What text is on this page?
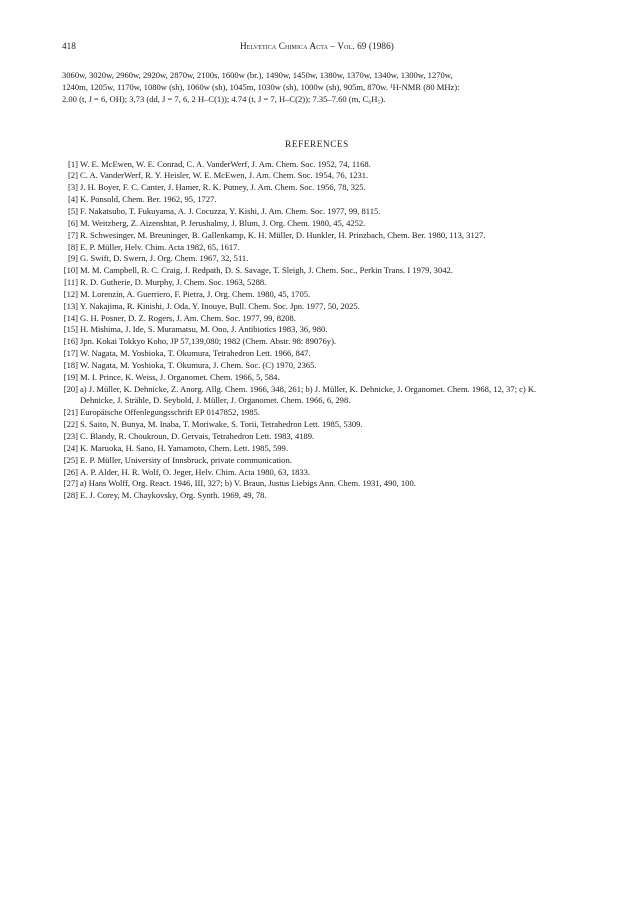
418	Helvetica Chimica Acta – Vol. 69 (1986)
3060w, 3020w, 2960w, 2920w, 2870w, 2100s, 1600w (br.), 1490w, 1450w, 1380w, 1370w, 1340w, 1300w, 1270w,
1240m, 1205w, 1170w, 1080w (sh), 1060w (sh), 1045m, 1030w (sh), 1000w (sh), 905m, 870w. ¹H-NMR (80 MHz):
2.00 (t, J = 6, OH); 3,73 (dd, J = 7, 6, 2 H–C(1)); 4.74 (t, J = 7, H–C(2)); 7.35–7.60 (m, C₆H₅).
REFERENCES
[1] W. E. McEwen, W. E. Conrad, C. A. VanderWerf, J. Am. Chem. Soc. 1952, 74, 1168.
[2] C. A. VanderWerf, R. Y. Heisler, W. E. McEwen, J. Am. Chem. Soc. 1954, 76, 1231.
[3] J. H. Boyer, F. C. Canter, J. Hamer, R. K. Putney, J. Am. Chem. Soc. 1956, 78, 325.
[4] K. Ponsold, Chem. Ber. 1962, 95, 1727.
[5] F. Nakatsubo, T. Fukuyama, A. J. Cocuzza, Y. Kishi, J. Am. Chem. Soc. 1977, 99, 8115.
[6] M. Weitzberg, Z. Aizenshtat, P. Jerushalmy, J. Blum, J. Org. Chem. 1980, 45, 4252.
[7] R. Schwesinger, M. Breuninger, B. Gallenkamp, K. H. Müller, D. Hunkler, H. Prinzbach, Chem. Ber. 1980, 113, 3127.
[8] E. P. Müller, Helv. Chim. Acta 1982, 65, 1617.
[9] G. Swift, D. Swern, J. Org. Chem. 1967, 32, 511.
[10] M. M. Campbell, R. C. Craig, J. Redpath, D. S. Savage, T. Sleigh, J. Chem. Soc., Perkin Trans. I 1979, 3042.
[11] R. D. Gutherie, D. Murphy, J. Chem. Soc. 1963, 5288.
[12] M. Lorenzin, A. Guerriero, F. Pietra, J. Org. Chem. 1980, 45, 1705.
[13] Y. Nakajima, R. Kinishi, J. Oda, Y. Inouye, Bull. Chem. Soc. Jpn. 1977, 50, 2025.
[14] G. H. Posner, D. Z. Rogers, J. Am. Chem. Soc. 1977, 99, 8208.
[15] H. Mishima, J. Ide, S. Muramatsu, M. Ono, J. Antibiotics 1983, 36, 980.
[16] Jpn. Kokai Tokkyo Koho, JP 57,139,080; 1982 (Chem. Abstr. 98: 89076y).
[17] W. Nagata, M. Yoshioka, T. Okumura, Tetrahedron Lett. 1966, 847.
[18] W. Nagata, M. Yoshioka, T. Okumura, J. Chem. Soc. (C) 1970, 2365.
[19] M. I. Prince, K. Weiss, J. Organomet. Chem. 1966, 5, 584.
[20] a) J. Müller, K. Dehnicke, Z. Anorg. Allg. Chem. 1966, 348, 261; b) J. Müller, K. Dehnicke, J. Organomet. Chem. 1968, 12, 37; c) K. Dehnicke, J. Strähle, D. Seybold, J. Müller, J. Organomet. Chem. 1966, 6, 298.
[21] Europäische Offenlegungsschrift EP 0147852, 1985.
[22] S. Saito, N. Bunya, M. Inaba, T. Moriwake, S. Torii, Tetrahedron Lett. 1985, 5309.
[23] C. Blandy, R. Choukroun, D. Gervais, Tetrahedron Lett. 1983, 4189.
[24] K. Maruoka, H. Sano, H. Yamamoto, Chem. Lett. 1985, 599.
[25] E. P. Müller, University of Innsbruck, private communication.
[26] A. P. Alder, H. R. Wolf, O. Jeger, Helv. Chim. Acta 1980, 63, 1833.
[27] a) Hans Wolff, Org. React. 1946, III, 327; b) V. Braun, Justus Liebigs Ann. Chem. 1931, 490, 100.
[28] E. J. Corey, M. Chaykovsky, Org. Synth. 1969, 49, 78.
